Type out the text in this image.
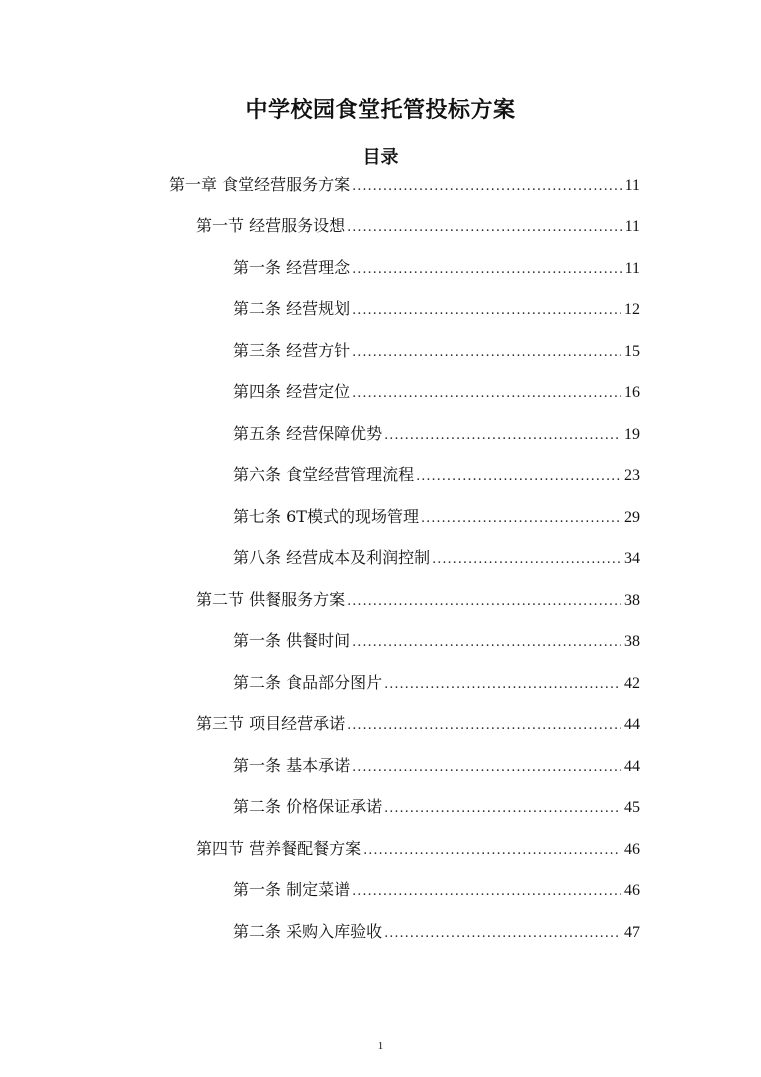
中学校园食堂托管投标方案
目录
第一章 食堂经营服务方案 .....	11
第一节 经营服务设想 .....	11
第一条 经营理念 .....	11
第二条 经营规划 .....	12
第三条 经营方针 .....	15
第四条 经营定位 .....	16
第五条 经营保障优势 .....	19
第六条 食堂经营管理流程 .....	23
第七条 6T模式的现场管理 .....	29
第八条 经营成本及利润控制 .....	34
第二节 供餐服务方案 .....	38
第一条 供餐时间 .....	38
第二条 食品部分图片 .....	42
第三节 项目经营承诺 .....	44
第一条 基本承诺 .....	44
第二条 价格保证承诺 .....	45
第四节 营养餐配餐方案 .....	46
第一条 制定菜谱 .....	46
第二条 采购入库验收 .....	47
1
